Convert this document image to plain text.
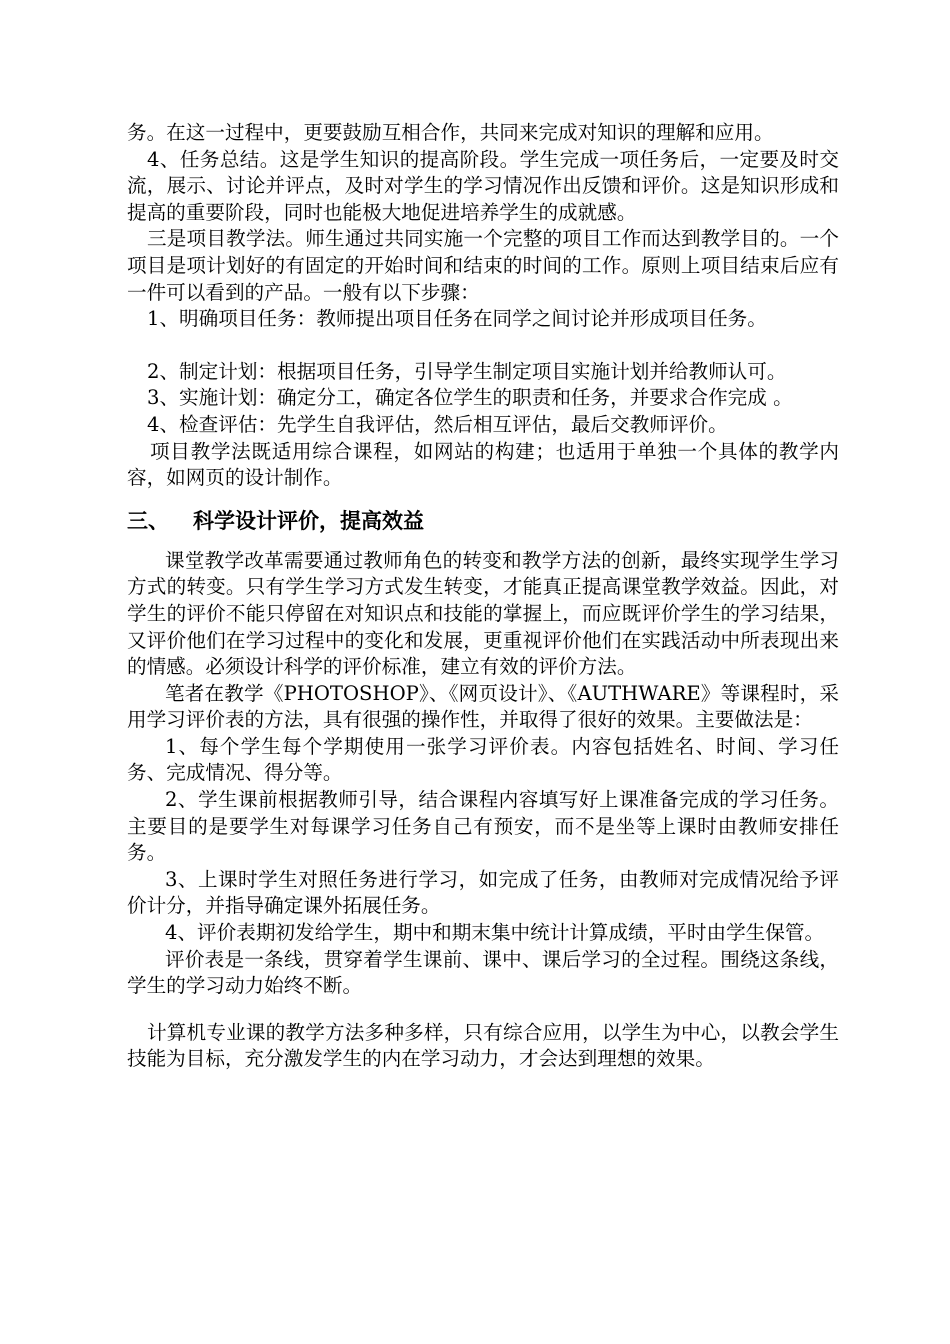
务。在这一过程中，更要鼓励互相合作，共同来完成对知识的理解和应用。

4、任务总结。这是学生知识的提高阶段。学生完成一项任务后，一定要及时交流，展示、讨论并评点，及时对学生的学习情况作出反馈和评价。这是知识形成和提高的重要阶段，同时也能极大地促进培养学生的成就感。

三是项目教学法。师生通过共同实施一个完整的项目工作而达到教学目的。一个项目是项计划好的有固定的开始时间和结束的时间的工作。原则上项目结束后应有一件可以看到的产品。一般有以下步骤：

1、明确项目任务：教师提出项目任务在同学之间讨论并形成项目任务。

2、制定计划：根据项目任务，引导学生制定项目实施计划并给教师认可。

3、实施计划：确定分工，确定各位学生的职责和任务，并要求合作完成 。

4、检查评估：先学生自我评估，然后相互评估，最后交教师评价。

项目教学法既适用综合课程，如网站的构建；也适用于单独一个具体的教学内容，如网页的设计制作。

三、 科学设计评价，提高效益

课堂教学改革需要通过教师角色的转变和教学方法的创新，最终实现学生学习方式的转变。只有学生学习方式发生转变，才能真正提高课堂教学效益。因此，对学生的评价不能只停留在对知识点和技能的掌握上，而应既评价学生的学习结果，又评价他们在学习过程中的变化和发展，更重视评价他们在实践活动中所表现出来的情感。必须设计科学的评价标准，建立有效的评价方法。

笔者在教学《PHOTOSHOP》、《网页设计》、《AUTHWARE》等课程时，采用学习评价表的方法，具有很强的操作性，并取得了很好的效果。主要做法是：

1、每个学生每个学期使用一张学习评价表。内容包括姓名、时间、学习任务、完成情况、得分等。

2、学生课前根据教师引导，结合课程内容填写好上课准备完成的学习任务。主要目的是要学生对每课学习任务自己有预安，而不是坐等上课时由教师安排任务。

3、上课时学生对照任务进行学习，如完成了任务，由教师对完成情况给予评价计分，并指导确定课外拓展任务。

4、评价表期初发给学生，期中和期末集中统计计算成绩，平时由学生保管。

评价表是一条线，贯穿着学生课前、课中、课后学习的全过程。围绕这条线，学生的学习动力始终不断。

计算机专业课的教学方法多种多样，只有综合应用，以学生为中心，以教会学生技能为目标，充分激发学生的内在学习动力，才会达到理想的效果。
